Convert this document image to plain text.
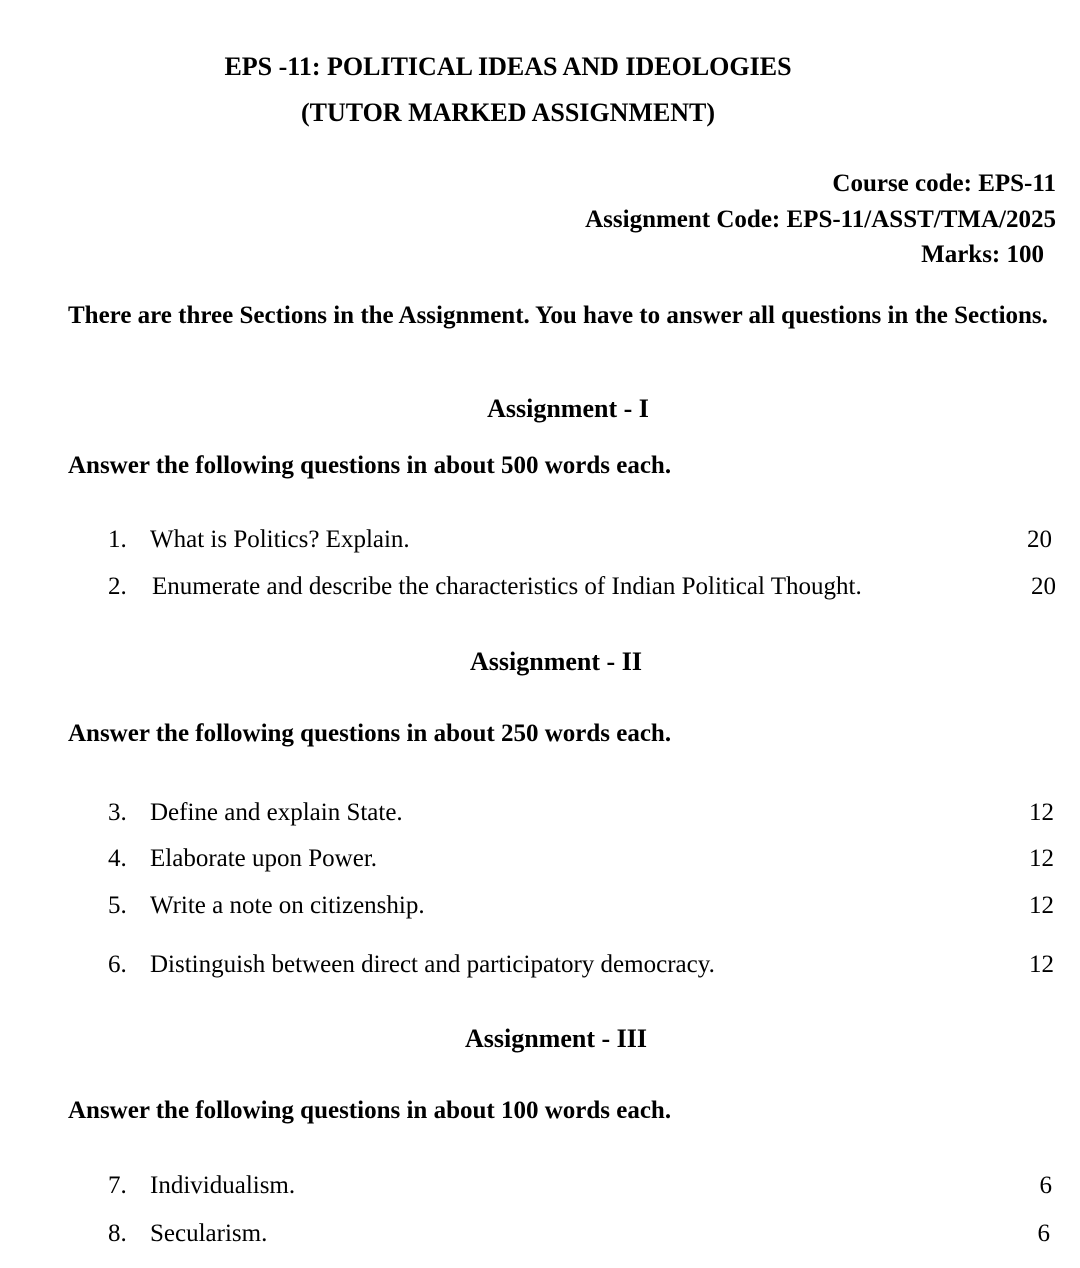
EPS -11: POLITICAL IDEAS AND IDEOLOGIES
(TUTOR MARKED ASSIGNMENT)
Course code: EPS-11
Assignment Code: EPS-11/ASST/TMA/2025
Marks: 100
There are three Sections in the Assignment. You have to answer all questions in the Sections.
Assignment - I
Answer the following questions in about 500 words each.
1. What is Politics? Explain.	20
2.	Enumerate and describe the characteristics of Indian Political Thought.	20
Assignment - II
Answer the following questions in about 250 words each.
3. Define and explain State.	12
4. Elaborate upon Power.	12
5. Write a note on citizenship.	12
6. Distinguish between direct and participatory democracy.	12
Assignment - III
Answer the following questions in about 100 words each.
7. Individualism.	6
8. Secularism.	6
